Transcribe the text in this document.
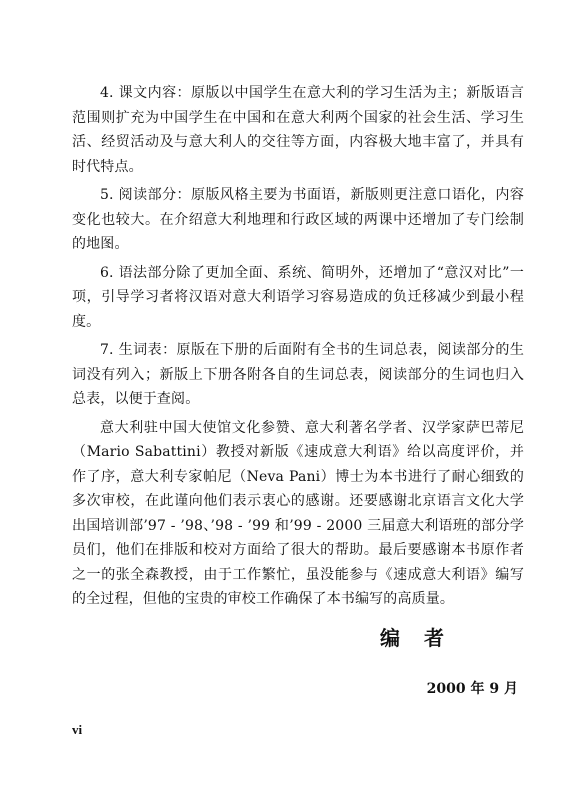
4. 课文内容：原版以中国学生在意大利的学习生活为主；新版语言范围则扩充为中国学生在中国和在意大利两个国家的社会生活、学习生活、经贸活动及与意大利人的交往等方面，内容极大地丰富了，并具有时代特点。

5. 阅读部分：原版风格主要为书面语，新版则更注意口语化，内容变化也较大。在介绍意大利地理和行政区域的两课中还增加了专门绘制的地图。

6. 语法部分除了更加全面、系统、简明外，还增加了“意汉对比”一项，引导学习者将汉语对意大利语学习容易造成的负迁移减少到最小程度。

7. 生词表：原版在下册的后面附有全书的生词总表，阅读部分的生词没有列入；新版上下册各附各自的生词总表，阅读部分的生词也归入总表，以便于查阅。

意大利驻中国大使馆文化参赞、意大利著名学者、汉学家萨巴蒂尼（Mario Sabattini）教授对新版《速成意大利语》给以高度评价，并作了序，意大利专家帕尼（Neva Pani）博士为本书进行了耐心细致的多次审校，在此谨向他们表示衷心的感谢。还要感谢北京语言文化大学出国培训部’97 - ’98、’98 - ’99 和’99 - 2000 三届意大利语班的部分学员们，他们在排版和校对方面给了很大的帮助。最后要感谢本书原作者之一的张全森教授，由于工作繁忙，虽没能参与《速成意大利语》编写的全过程，但他的宝贵的审校工作确保了本书编写的高质量。

编者
2000 年 9 月
vi
